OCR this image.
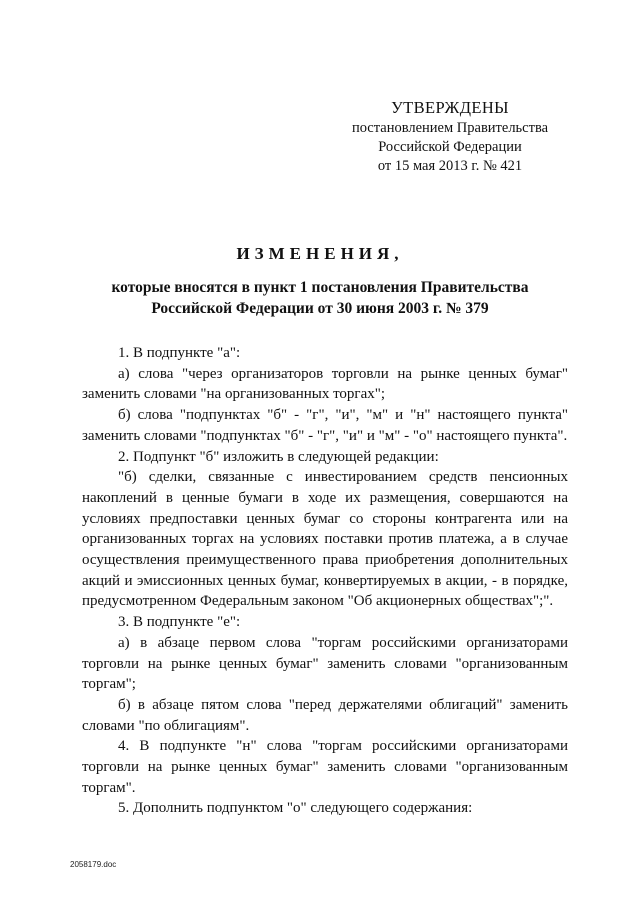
УТВЕРЖДЕНЫ
постановлением Правительства
Российской Федерации
от 15 мая 2013 г. № 421
ИЗМЕНЕНИЯ,
которые вносятся в пункт 1 постановления Правительства
Российской Федерации от 30 июня 2003 г. № 379
1. В подпункте "а":
а) слова "через организаторов торговли на рынке ценных бумаг" заменить словами "на организованных торгах";
б) слова "подпунктах "б" - "г", "и", "м" и "н" настоящего пункта" заменить словами "подпунктах "б" - "г", "и" и "м" - "о" настоящего пункта".
2. Подпункт "б" изложить в следующей редакции:
"б) сделки, связанные с инвестированием средств пенсионных накоплений в ценные бумаги в ходе их размещения, совершаются на условиях предпоставки ценных бумаг со стороны контрагента или на организованных торгах на условиях поставки против платежа, а в случае осуществления преимущественного права приобретения дополнительных акций и эмиссионных ценных бумаг, конвертируемых в акции, - в порядке, предусмотренном Федеральным законом "Об акционерных обществах";".
3. В подпункте "е":
а) в абзаце первом слова "торгам российскими организаторами торговли на рынке ценных бумаг" заменить словами "организованным торгам";
б) в абзаце пятом слова "перед держателями облигаций" заменить словами "по облигациям".
4. В подпункте "н" слова "торгам российскими организаторами торговли на рынке ценных бумаг" заменить словами "организованным торгам".
5. Дополнить подпунктом "о" следующего содержания:
2058179.doc
